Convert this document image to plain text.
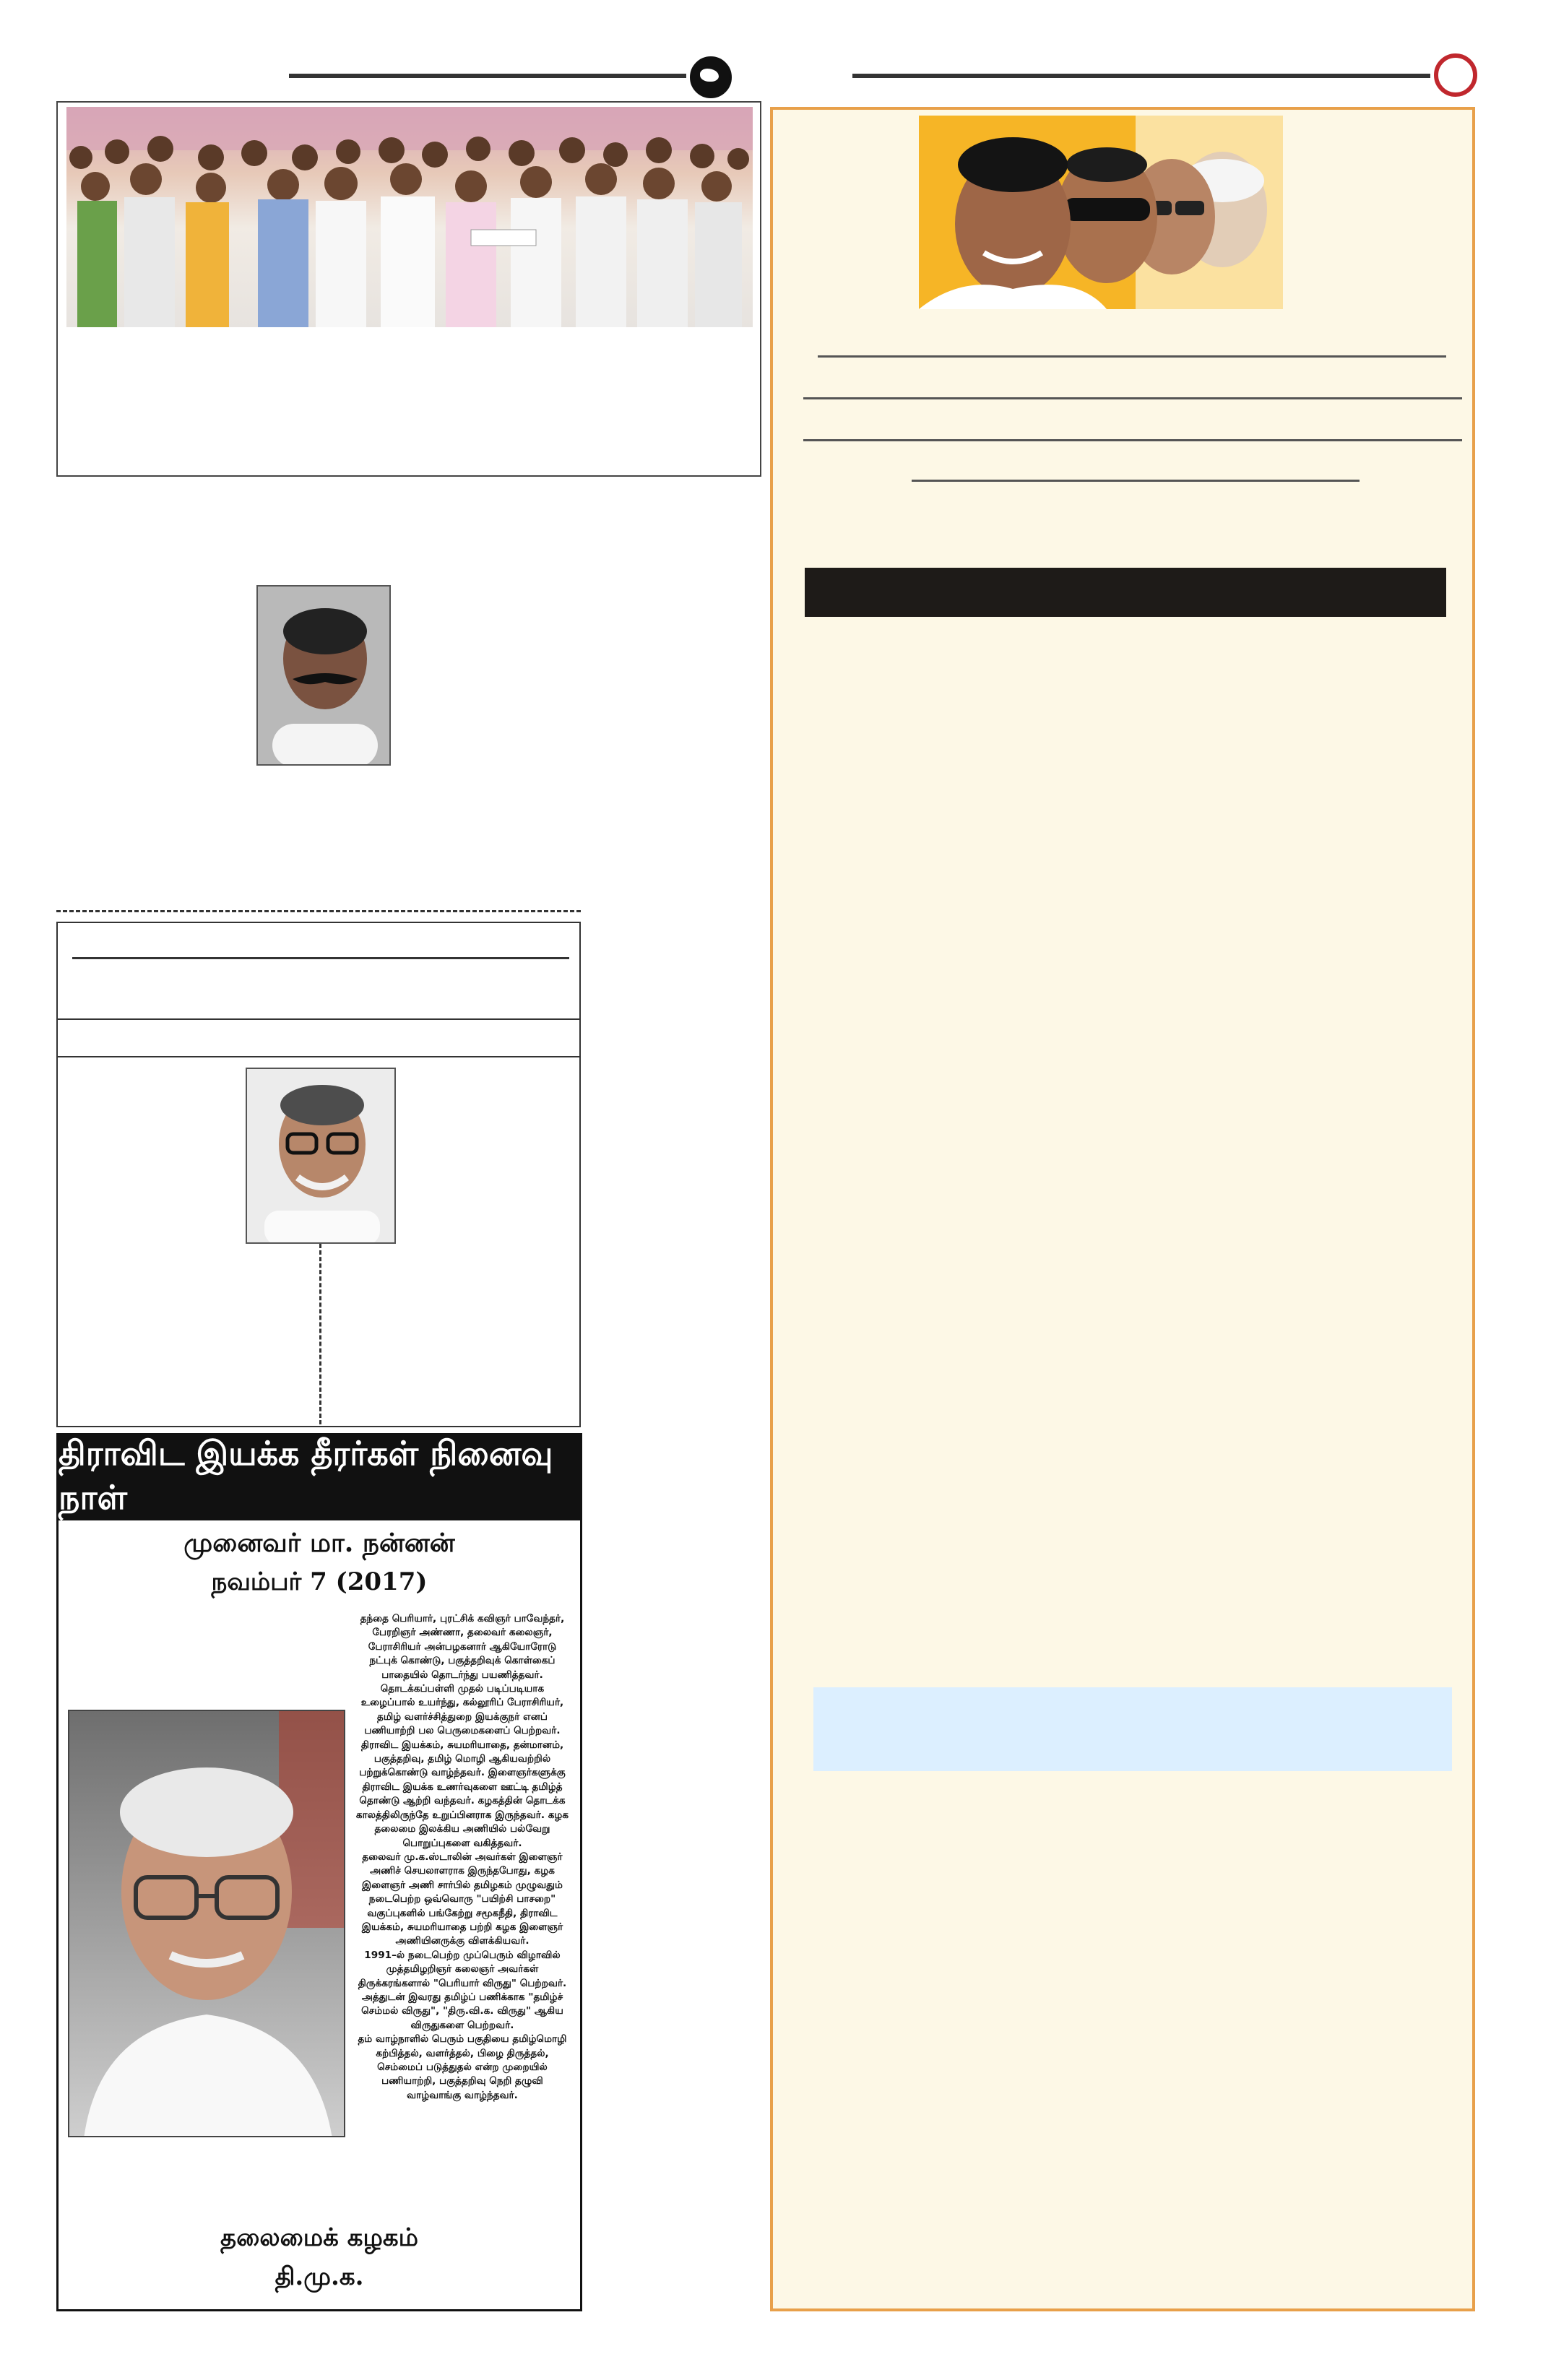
திராவிட இயக்க தீரர்கள் நினைவு நாள்
முனைவர் மா. நன்னன்
நவம்பர் 7 (2017)

தந்தை பெரியார், புரட்சிக் கவிஞர் பாவேந்தர், பேரறிஞர் அண்ணா, தலைவர் கலைஞர், பேராசிரியர் அன்பழகனார் ஆகியோரோடு நட்புக் கொண்டு, பகுத்தறிவுக் கொள்கைப் பாதையில் தொடர்ந்து பயணித்தவர்.

தொடக்கப்பள்ளி முதல் படிப்படியாக உழைப்பால் உயர்ந்து, கல்லூரிப் பேராசிரியர், தமிழ் வளர்ச்சித்துறை இயக்குநர் எனப் பணியாற்றி பல பெருமைகளைப் பெற்றவர்.

திராவிட இயக்கம், சுயமரியாதை, தன்மானம், பகுத்தறிவு, தமிழ் மொழி ஆகியவற்றில் பற்றுக்கொண்டு வாழ்ந்தவர். இளைஞர்களுக்கு திராவிட இயக்க உணர்வுகளை ஊட்டி தமிழ்த் தொண்டு ஆற்றி வந்தவர். கழகத்தின் தொடக்க காலத்திலிருந்தே உறுப்பினராக இருந்தவர். கழக தலைமை இலக்கிய அணியில் பல்வேறு பொறுப்புகளை வகித்தவர்.

தலைவர் மு.க.ஸ்டாலின் அவர்கள் இளைஞர் அணிச் செயலாளராக இருந்தபோது, கழக இளைஞர் அணி சார்பில் தமிழகம் முழுவதும் நடைபெற்ற ஒவ்வொரு "பயிற்சி பாசறை" வகுப்புகளில் பங்கேற்று சமூகநீதி, திராவிட இயக்கம், சுயமரியாதை பற்றி கழக இளைஞர் அணியினருக்கு விளக்கியவர்.

1991–ல் நடைபெற்ற முப்பெரும் விழாவில் முத்தமிழறிஞர் கலைஞர் அவர்கள் திருக்கரங்களால் "பெரியார் விருது" பெற்றவர். அத்துடன் இவரது தமிழ்ப் பணிக்காக "தமிழ்ச் செம்மல் விருது", "திரு.வி.க. விருது" ஆகிய விருதுகளை பெற்றவர்.

தம் வாழ்நாளில் பெரும் பகுதியை தமிழ்மொழி கற்பித்தல், வளர்த்தல், பிழை திருத்தல், செம்மைப் படுத்துதல் என்ற முறையில் பணியாற்றி, பகுத்தறிவு நெறி தழுவி வாழ்வாங்கு வாழ்ந்தவர்.

தலைமைக் கழகம்
தி.மு.க.
